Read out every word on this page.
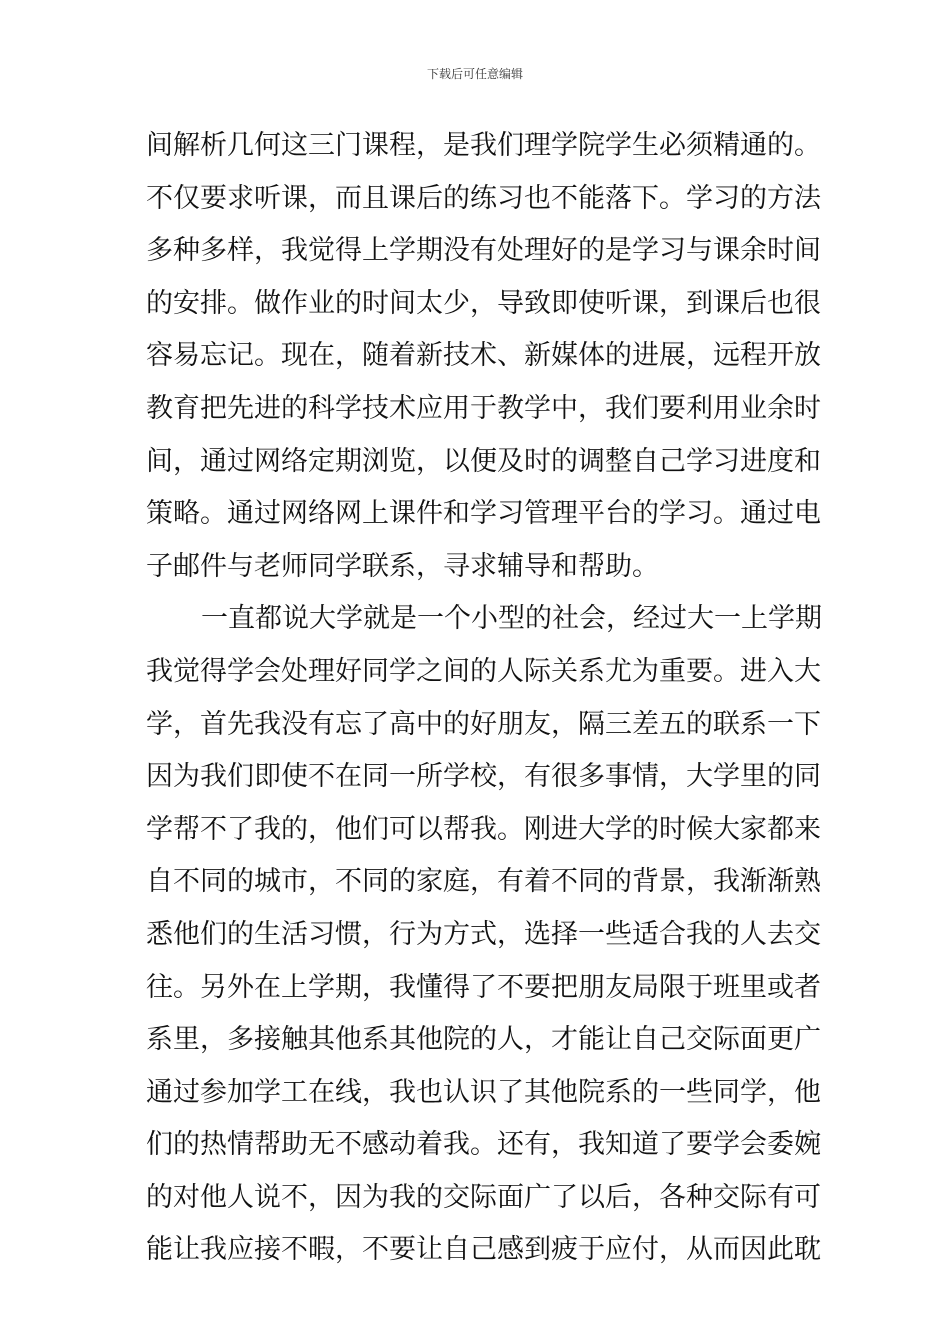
下载后可任意编辑
间解析几何这三门课程，是我们理学院学生必须精通的。
不仅要求听课，而且课后的练习也不能落下。学习的方法
多种多样，我觉得上学期没有处理好的是学习与课余时间
的安排。做作业的时间太少，导致即使听课，到课后也很
容易忘记。现在，随着新技术、新媒体的进展，远程开放
教育把先进的科学技术应用于教学中，我们要利用业余时
间，通过网络定期浏览，以便及时的调整自己学习进度和
策略。通过网络网上课件和学习管理平台的学习。通过电
子邮件与老师同学联系，寻求辅导和帮助。
一直都说大学就是一个小型的社会，经过大一上学期
我觉得学会处理好同学之间的人际关系尤为重要。进入大
学，首先我没有忘了高中的好朋友，隔三差五的联系一下
因为我们即使不在同一所学校，有很多事情，大学里的同
学帮不了我的，他们可以帮我。刚进大学的时候大家都来
自不同的城市，不同的家庭，有着不同的背景，我渐渐熟
悉他们的生活习惯，行为方式，选择一些适合我的人去交
往。另外在上学期，我懂得了不要把朋友局限于班里或者
系里，多接触其他系其他院的人，才能让自己交际面更广
通过参加学工在线，我也认识了其他院系的一些同学，他
们的热情帮助无不感动着我。还有，我知道了要学会委婉
的对他人说不，因为我的交际面广了以后，各种交际有可
能让我应接不暇，不要让自己感到疲于应付，从而因此耽
